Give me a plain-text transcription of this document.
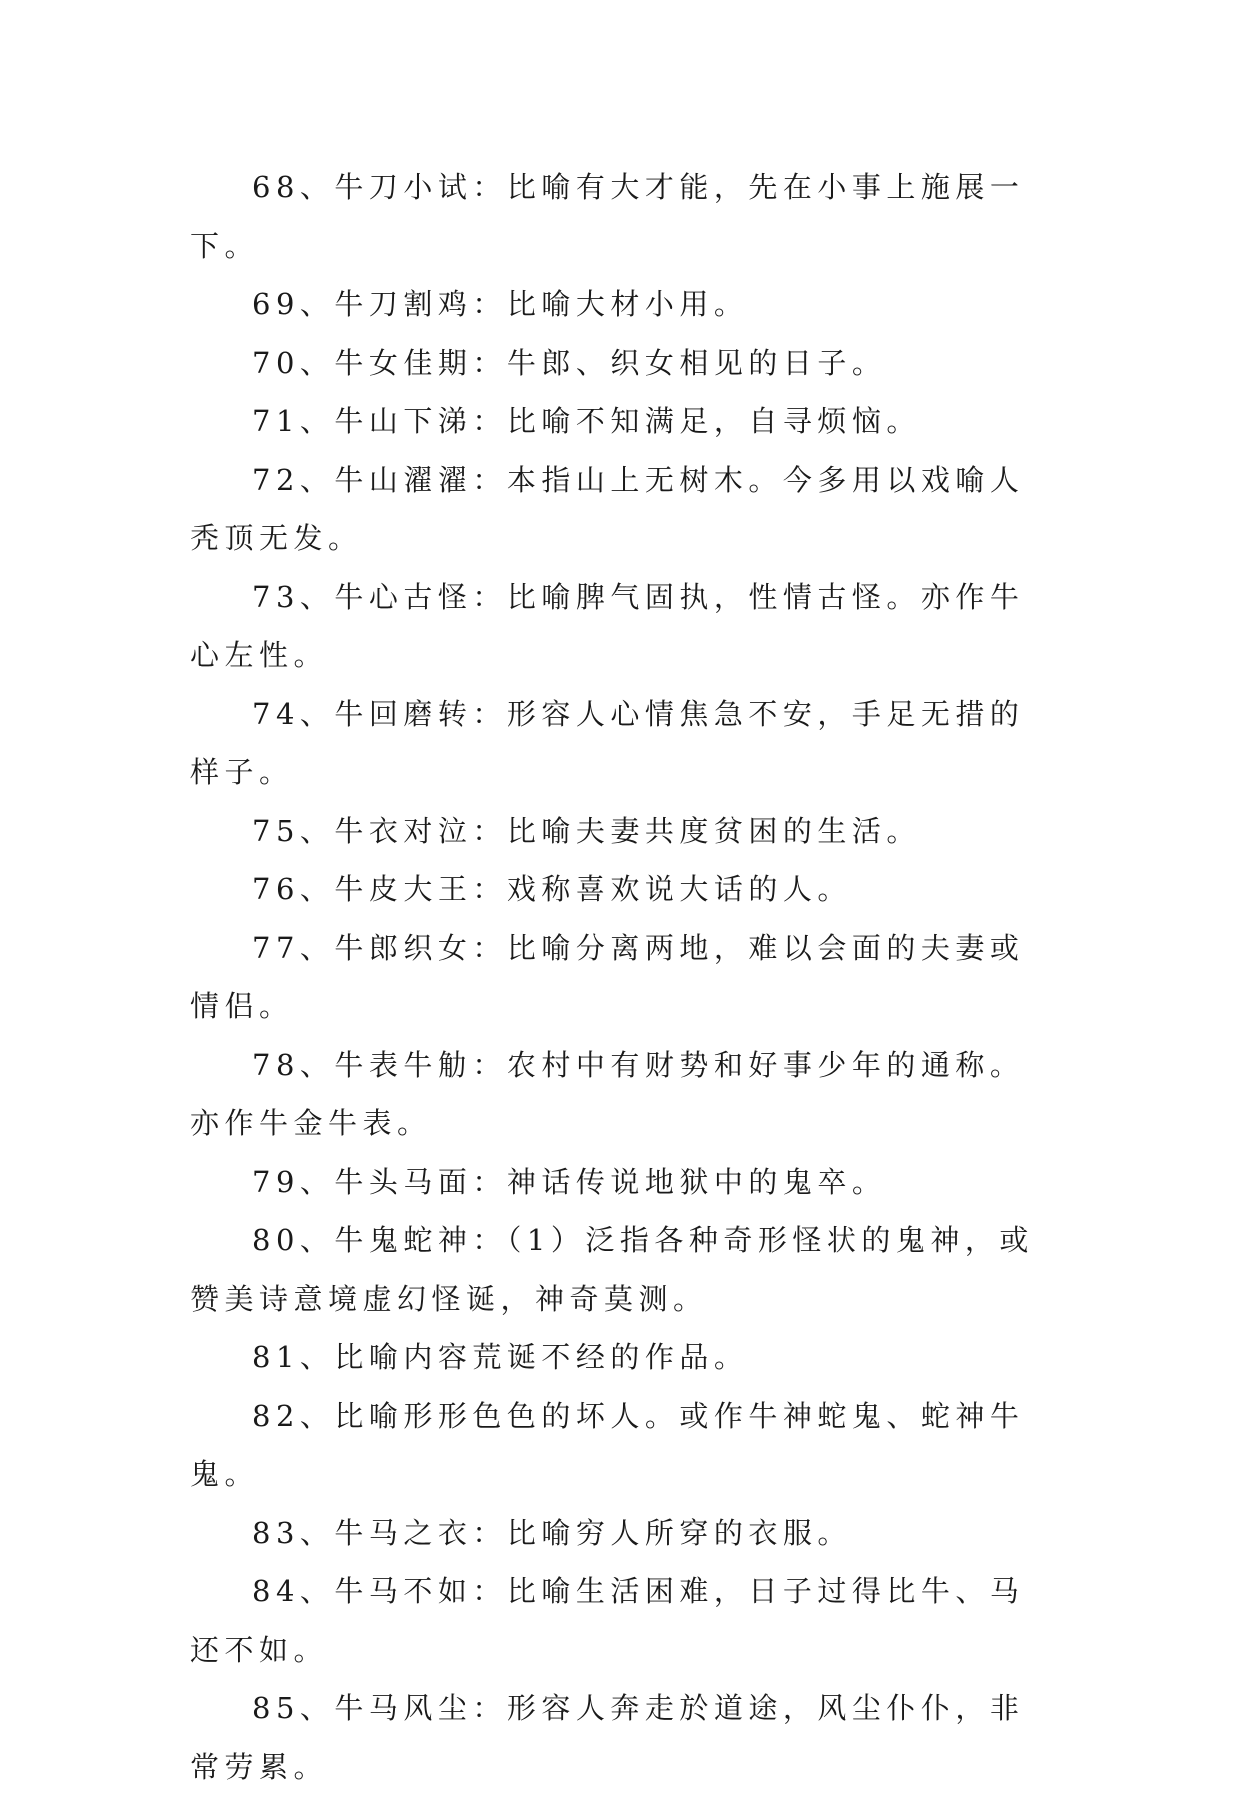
68、牛刀小试：比喻有大才能，先在小事上施展一下。

69、牛刀割鸡：比喻大材小用。

70、牛女佳期：牛郎、织女相见的日子。

71、牛山下涕：比喻不知满足，自寻烦恼。

72、牛山濯濯：本指山上无树木。今多用以戏喻人秃顶无发。

73、牛心古怪：比喻脾气固执，性情古怪。亦作牛心左性。

74、牛回磨转：形容人心情焦急不安，手足无措的样子。

75、牛衣对泣：比喻夫妻共度贫困的生活。

76、牛皮大王：戏称喜欢说大话的人。

77、牛郎织女：比喻分离两地，难以会面的夫妻或情侣。

78、牛表牛觔：农村中有财势和好事少年的通称。亦作牛金牛表。

79、牛头马面：神话传说地狱中的鬼卒。

80、牛鬼蛇神：（1）泛指各种奇形怪状的鬼神，或赞美诗意境虚幻怪诞，神奇莫测。

81、比喻内容荒诞不经的作品。

82、比喻形形色色的坏人。或作牛神蛇鬼、蛇神牛鬼。

83、牛马之衣：比喻穷人所穿的衣服。

84、牛马不如：比喻生活困难，日子过得比牛、马还不如。

85、牛马风尘：形容人奔走於道途，风尘仆仆，非常劳累。
